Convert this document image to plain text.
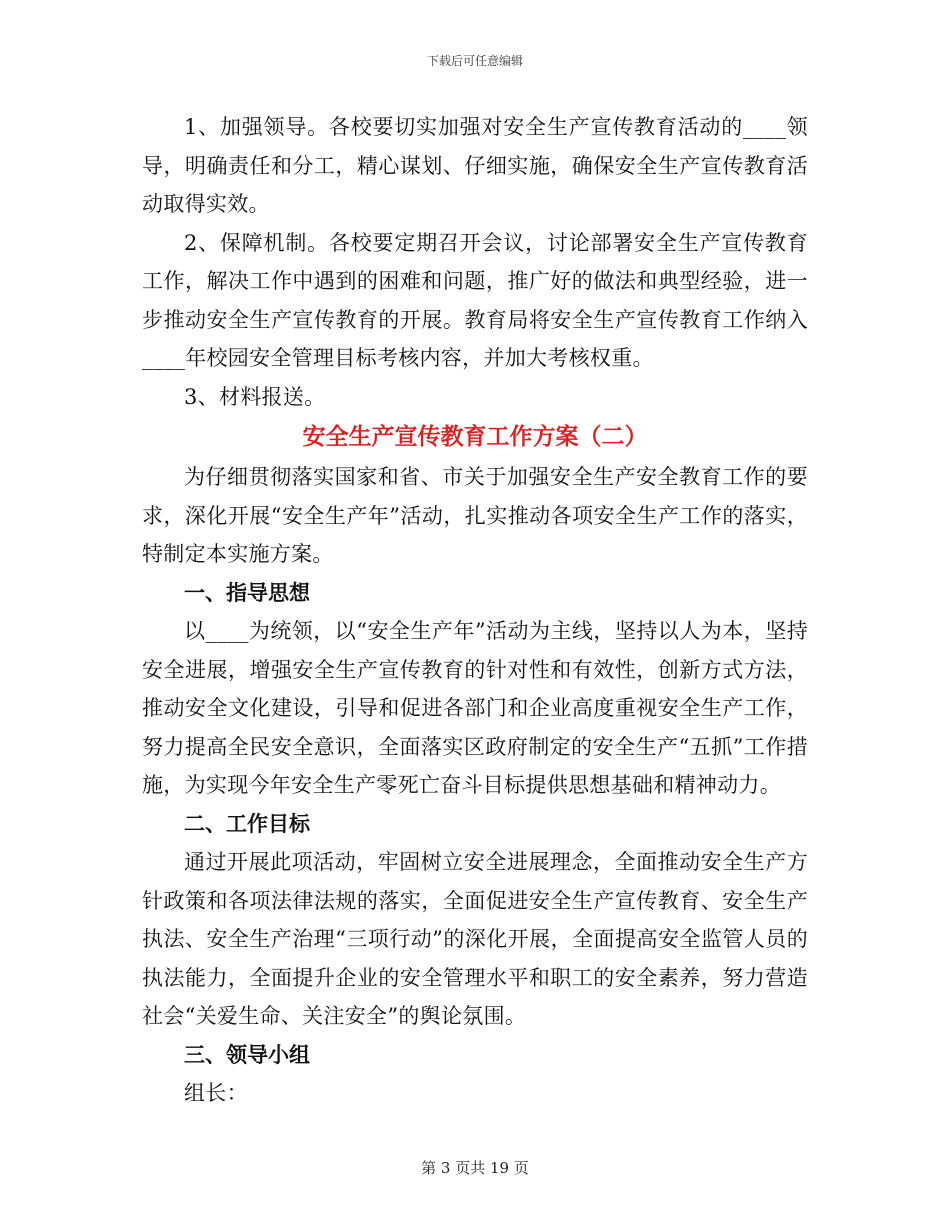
下载后可任意编辑

1、加强领导。各校要切实加强对安全生产宣传教育活动的____领导，明确责任和分工，精心谋划、仔细实施，确保安全生产宣传教育活动取得实效。

2、保障机制。各校要定期召开会议，讨论部署安全生产宣传教育工作，解决工作中遇到的困难和问题，推广好的做法和典型经验，进一步推动安全生产宣传教育的开展。教育局将安全生产宣传教育工作纳入____年校园安全管理目标考核内容，并加大考核权重。

3、材料报送。

安全生产宣传教育工作方案（二）

为仔细贯彻落实国家和省、市关于加强安全生产安全教育工作的要求，深化开展“安全生产年”活动，扎实推动各项安全生产工作的落实，特制定本实施方案。

一、指导思想

以____为统领，以“安全生产年”活动为主线，坚持以人为本，坚持安全进展，增强安全生产宣传教育的针对性和有效性，创新方式方法，推动安全文化建设，引导和促进各部门和企业高度重视安全生产工作，努力提高全民安全意识，全面落实区政府制定的安全生产“五抓”工作措施，为实现今年安全生产零死亡奋斗目标提供思想基础和精神动力。

二、工作目标

通过开展此项活动，牢固树立安全进展理念，全面推动安全生产方针政策和各项法律法规的落实，全面促进安全生产宣传教育、安全生产执法、安全生产治理“三项行动”的深化开展，全面提高安全监管人员的执法能力，全面提升企业的安全管理水平和职工的安全素养，努力营造社会“关爱生命、关注安全”的舆论氛围。

三、领导小组

组长：

第 3 页共 19 页
